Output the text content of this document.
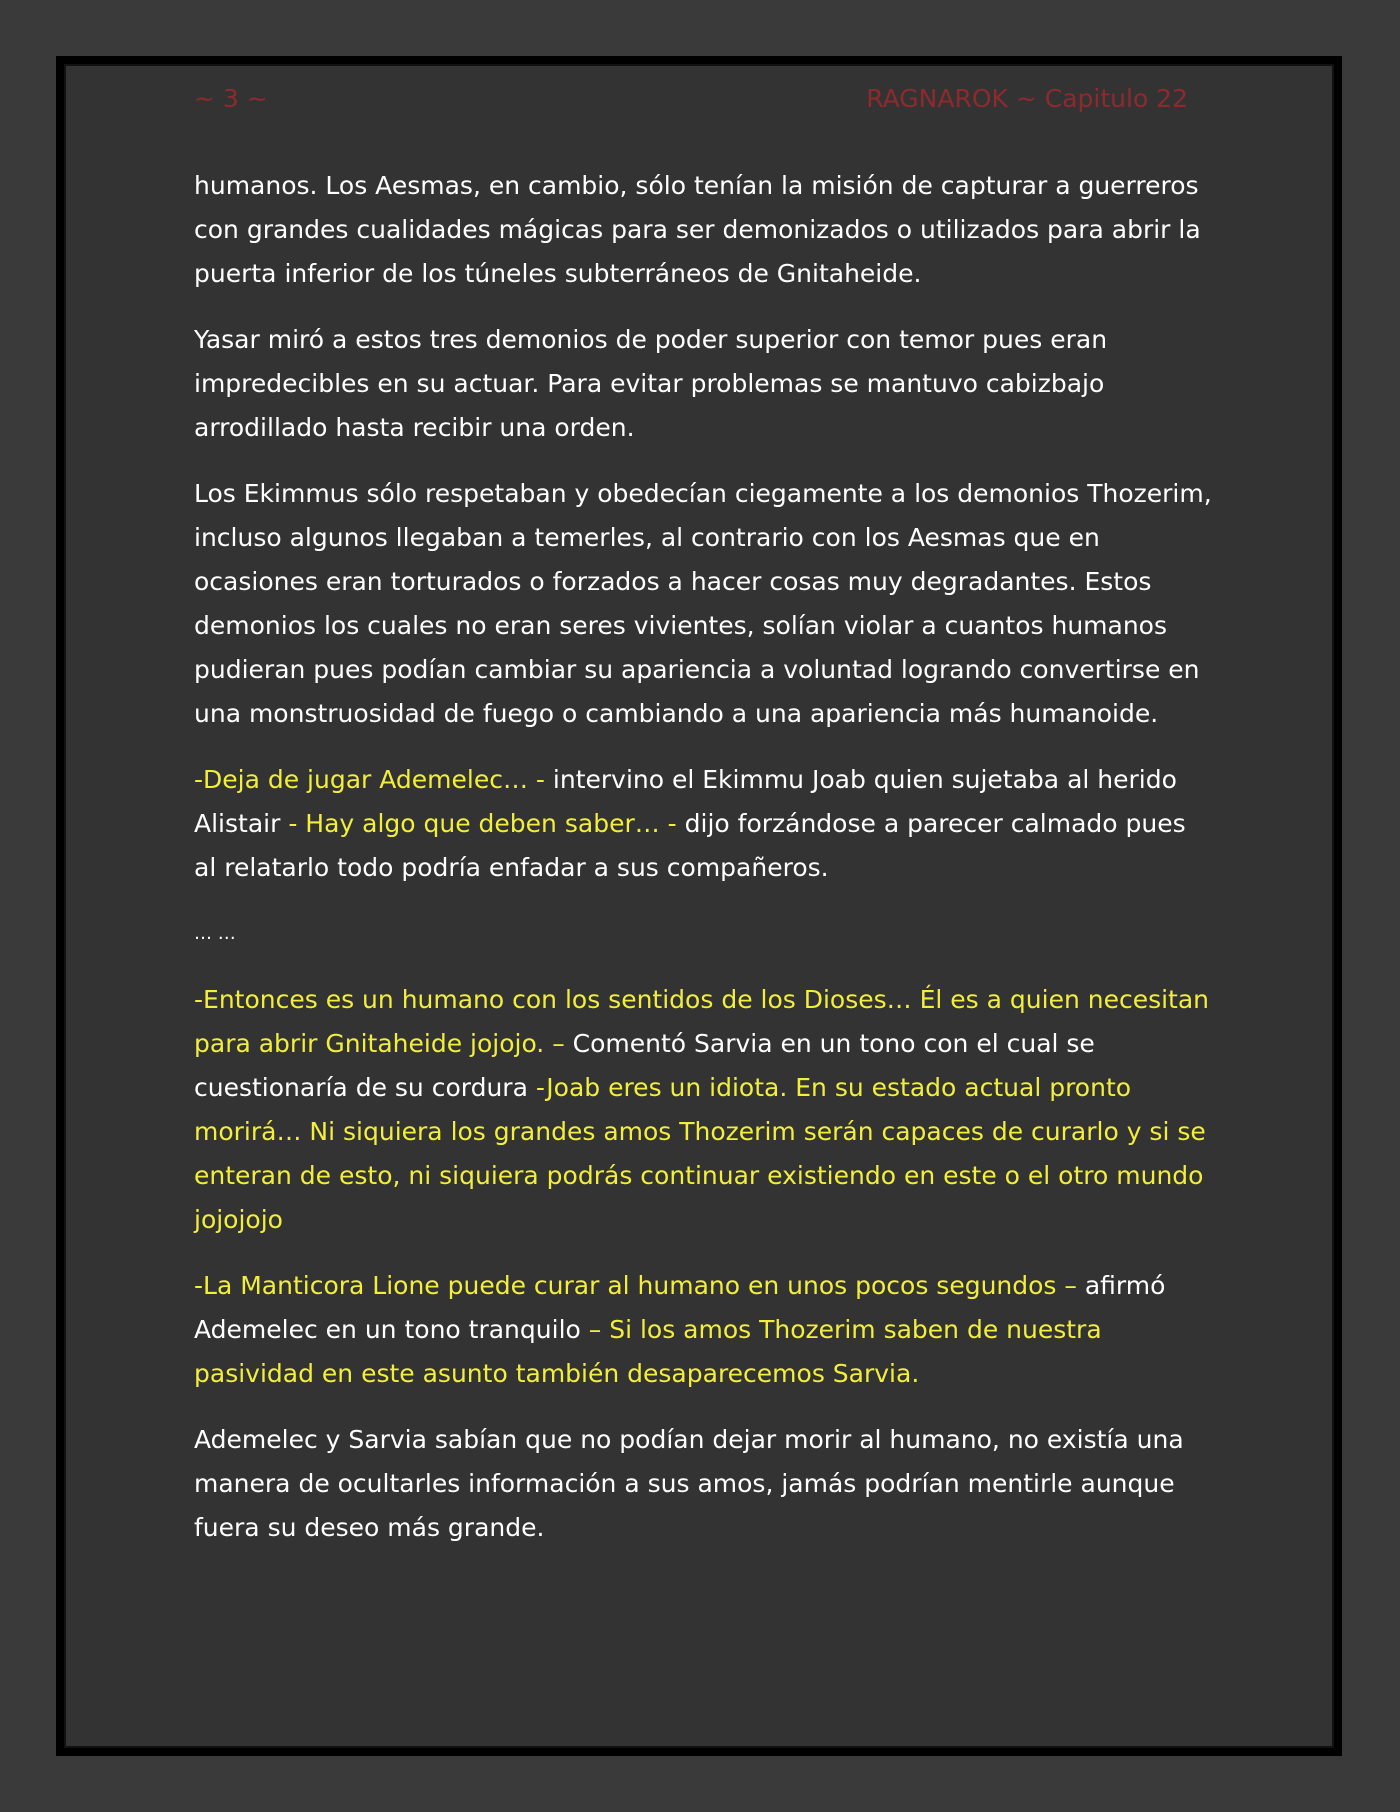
~ 3 ~	RAGNAROK ~ Capitulo 22

humanos. Los Aesmas, en cambio, sólo tenían la misión de capturar a guerreros con grandes cualidades mágicas para ser demonizados o utilizados para abrir la puerta inferior de los túneles subterráneos de Gnitaheide.

Yasar miró a estos tres demonios de poder superior con temor pues eran impredecibles en su actuar. Para evitar problemas se mantuvo cabizbajo arrodillado hasta recibir una orden.

Los Ekimmus sólo respetaban y obedecían ciegamente a los demonios Thozerim, incluso algunos llegaban a temerles, al contrario con los Aesmas que en ocasiones eran torturados o forzados a hacer cosas muy degradantes. Estos demonios los cuales no eran seres vivientes, solían violar a cuantos humanos pudieran pues podían cambiar su apariencia a voluntad logrando convertirse en una monstruosidad de fuego o cambiando a una apariencia más humanoide.

-Deja de jugar Ademelec… - intervino el Ekimmu Joab quien sujetaba al herido Alistair - Hay algo que deben saber… - dijo forzándose a parecer calmado pues al relatarlo todo podría enfadar a sus compañeros.

… …

-Entonces es un humano con los sentidos de los Dioses… Él es a quien necesitan para abrir Gnitaheide jojojo. – Comentó Sarvia en un tono con el cual se cuestionaría de su cordura -Joab eres un idiota. En su estado actual pronto morirá… Ni siquiera los grandes amos Thozerim serán capaces de curarlo y si se enteran de esto, ni siquiera podrás continuar existiendo en este o el otro mundo jojojojo

-La Manticora Lione puede curar al humano en unos pocos segundos – afirmó Ademelec en un tono tranquilo – Si los amos Thozerim saben de nuestra pasividad en este asunto también desaparecemos Sarvia.

Ademelec y Sarvia sabían que no podían dejar morir al humano, no existía una manera de ocultarles información a sus amos, jamás podrían mentirle aunque fuera su deseo más grande.
